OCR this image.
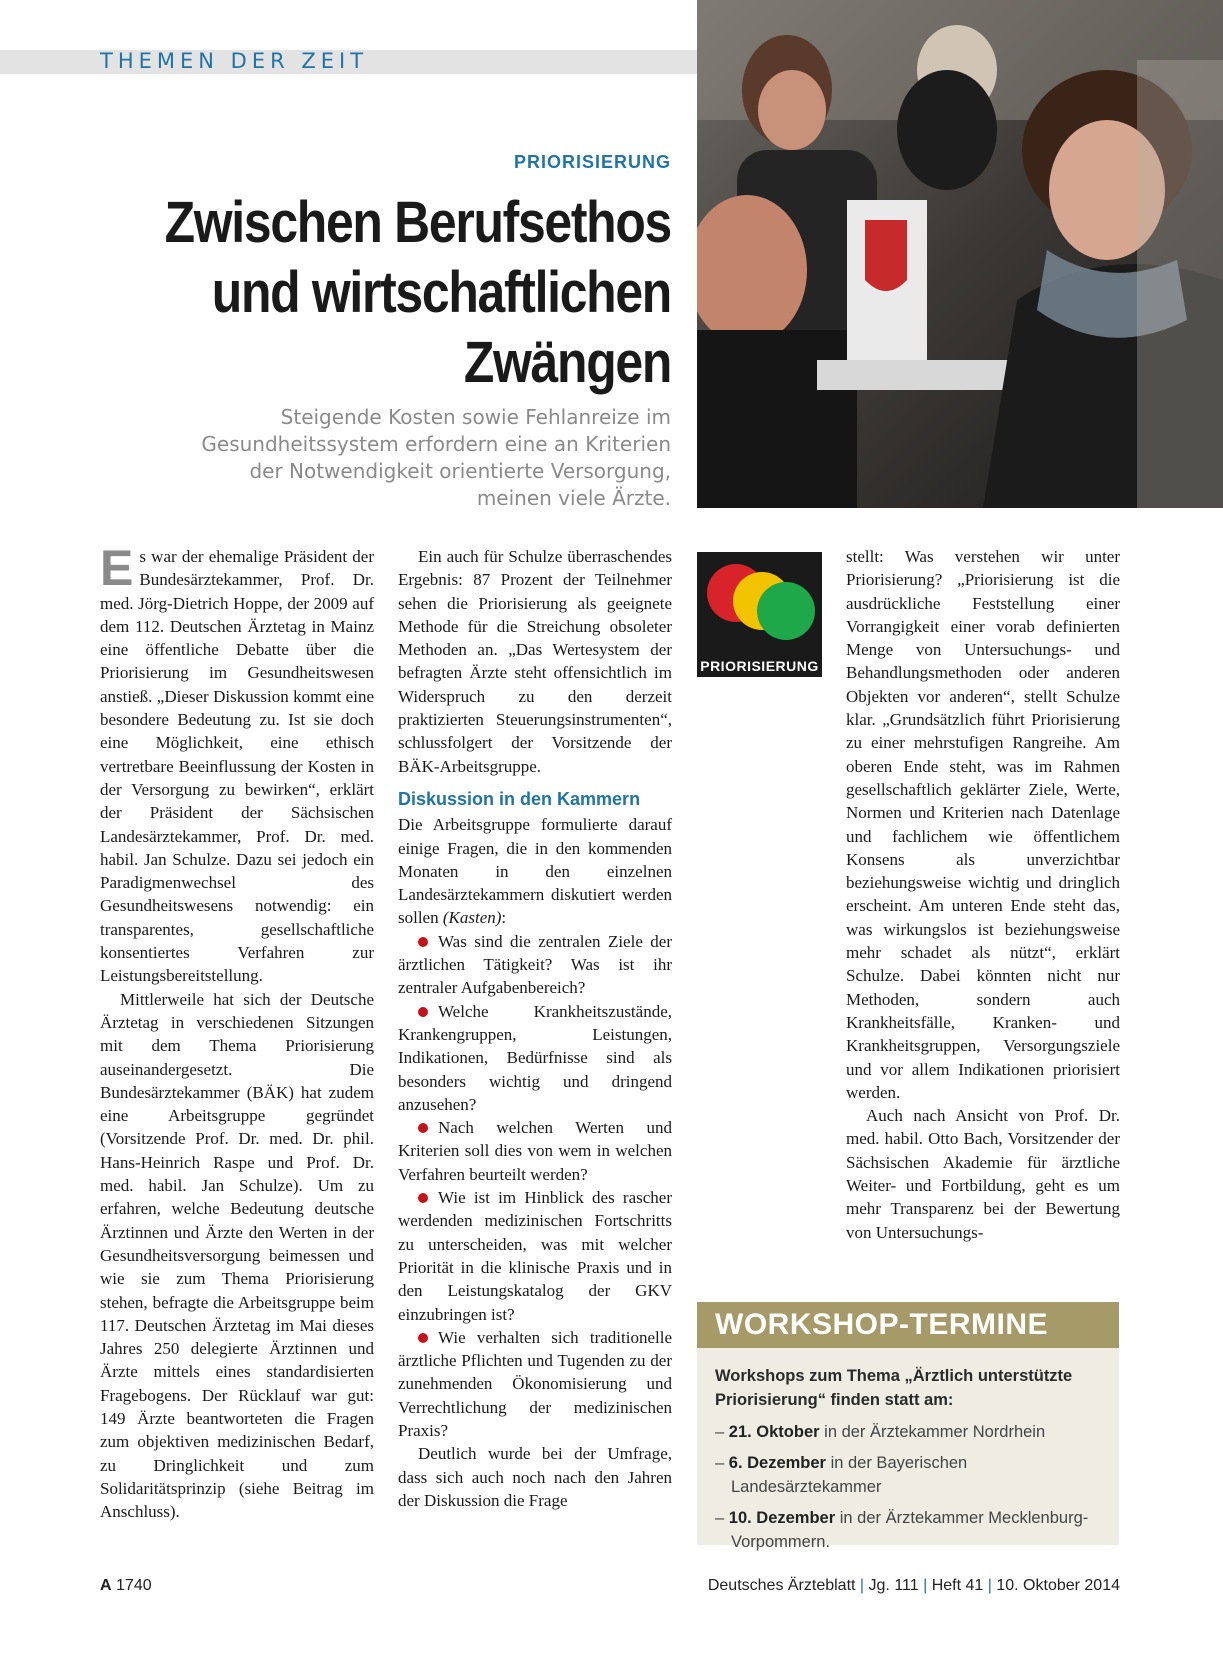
THEMEN DER ZEIT
PRIORISIERUNG
Zwischen Berufsethos
und wirtschaftlichen
Zwängen
Steigende Kosten sowie Fehlanreize im
Gesundheitssystem erfordern eine an Kriterien
der Notwendigkeit orientierte Versorgung,
meinen viele Ärzte.

Es war der ehemalige Präsident der Bundesärztekammer, Prof. Dr. med. Jörg-Dietrich Hoppe, der 2009 auf dem 112. Deutschen Ärztetag in Mainz eine öffentliche Debatte über die Priorisierung im Gesundheitswesen anstieß. „Dieser Diskussion kommt eine besondere Bedeutung zu. Ist sie doch eine Möglichkeit, eine ethisch vertretbare Beeinflussung der Kosten in der Versorgung zu bewirken“, erklärt der Präsident der Sächsischen Landesärztekammer, Prof. Dr. med. habil. Jan Schulze. Dazu sei jedoch ein Paradigmenwechsel des Gesundheitswesens notwendig: ein transparentes, gesellschaftliche konsentiertes Verfahren zur Leistungsbereitstellung.

Mittlerweile hat sich der Deutsche Ärztetag in verschiedenen Sitzungen mit dem Thema Priorisierung auseinandergesetzt. Die Bundesärztekammer (BÄK) hat zudem eine Arbeitsgruppe gegründet (Vorsitzende Prof. Dr. med. Dr. phil. Hans-Heinrich Raspe und Prof. Dr. med. habil. Jan Schulze). Um zu erfahren, welche Bedeutung deutsche Ärztinnen und Ärzte den Werten in der Gesundheitsversorgung beimessen und wie sie zum Thema Priorisierung stehen, befragte die Arbeitsgruppe beim 117. Deutschen Ärztetag im Mai dieses Jahres 250 delegierte Ärztinnen und Ärzte mittels eines standardisierten Fragebogens. Der Rücklauf war gut: 149 Ärzte beantworteten die Fragen zum objektiven medizinischen Bedarf, zu Dringlichkeit und zum Solidaritätsprinzip (siehe Beitrag im Anschluss).

Ein auch für Schulze überraschendes Ergebnis: 87 Prozent der Teilnehmer sehen die Priorisierung als geeignete Methode für die Streichung obsoleter Methoden an. „Das Wertesystem der befragten Ärzte steht offensichtlich im Widerspruch zu den derzeit praktizierten Steuerungsinstrumenten“, schlussfolgert der Vorsitzende der BÄK-Arbeitsgruppe.

Diskussion in den Kammern

Die Arbeitsgruppe formulierte darauf einige Fragen, die in den kommenden Monaten in den einzelnen Landesärztekammern diskutiert werden sollen (Kasten):

Was sind die zentralen Ziele der ärztlichen Tätigkeit? Was ist ihr zentraler Aufgabenbereich?

Welche Krankheitszustände, Krankengruppen, Leistungen, Indikationen, Bedürfnisse sind als besonders wichtig und dringend anzusehen?

Nach welchen Werten und Kriterien soll dies von wem in welchen Verfahren beurteilt werden?

Wie ist im Hinblick des rascher werdenden medizinischen Fortschritts zu unterscheiden, was mit welcher Priorität in die klinische Praxis und in den Leistungskatalog der GKV einzubringen ist?

Wie verhalten sich traditionelle ärztliche Pflichten und Tugenden zu der zunehmenden Ökonomisierung und Verrechtlichung der medizinischen Praxis?

Deutlich wurde bei der Umfrage, dass sich auch noch nach den Jahren der Diskussion die Frage

PRIORISIERUNG

stellt: Was verstehen wir unter Priorisierung? „Priorisierung ist die ausdrückliche Feststellung einer Vorrangigkeit einer vorab definierten Menge von Untersuchungs- und Behandlungsmethoden oder anderen Objekten vor anderen“, stellt Schulze klar. „Grundsätzlich führt Priorisierung zu einer mehrstufigen Rangreihe. Am oberen Ende steht, was im Rahmen gesellschaftlich geklärter Ziele, Werte, Normen und Kriterien nach Datenlage und fachlichem wie öffentlichem Konsens als unverzichtbar beziehungsweise wichtig und dringlich erscheint. Am unteren Ende steht das, was wirkungslos ist beziehungsweise mehr schadet als nützt“, erklärt Schulze. Dabei könnten nicht nur Methoden, sondern auch Krankheitsfälle, Kranken- und Krankheitsgruppen, Versorgungsziele und vor allem Indikationen priorisiert werden.

Auch nach Ansicht von Prof. Dr. med. habil. Otto Bach, Vorsitzender der Sächsischen Akademie für ärztliche Weiter- und Fortbildung, geht es um mehr Transparenz bei der Bewertung von Untersuchungs-

WORKSHOP-TERMINE
Workshops zum Thema „Ärztlich unterstützte Priorisierung“ finden statt am:
– 21. Oktober in der Ärztekammer Nordrhein
– 6. Dezember in der Bayerischen Landesärztekammer
– 10. Dezember in der Ärztekammer Mecklenburg-Vorpommern.
A 1740	Deutsches Ärzteblatt | Jg. 111 | Heft 41 | 10. Oktober 2014
